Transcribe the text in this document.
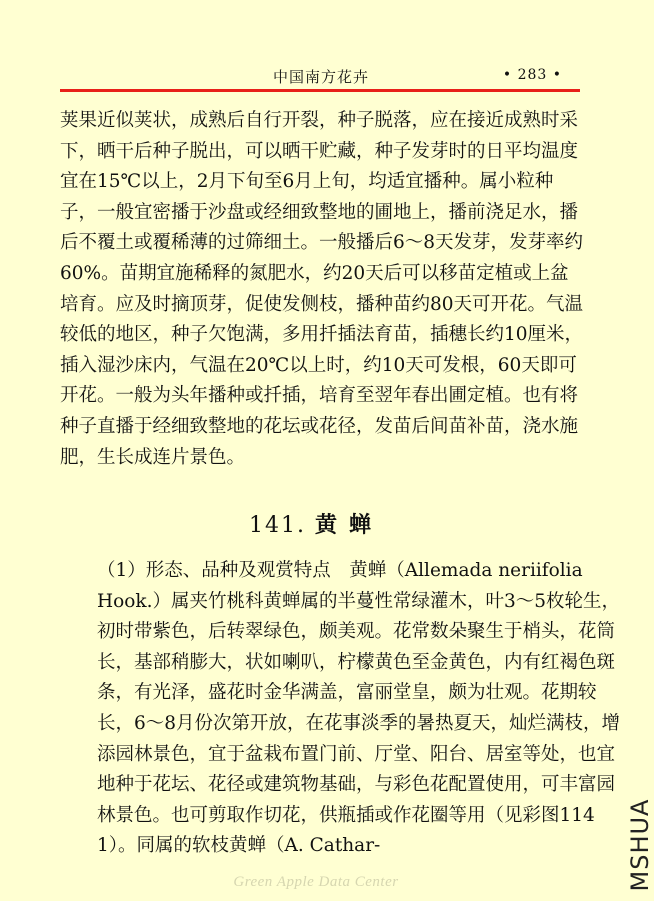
中国南方花卉	• 283 •

荚果近似荚状，成熟后自行开裂，种子脱落，应在接近成熟时采下，晒干后种子脱出，可以晒干贮藏，种子发芽时的日平均温度宜在15℃以上，2月下旬至6月上旬，均适宜播种。属小粒种子，一般宜密播于沙盘或经细致整地的圃地上，播前浇足水，播后不覆土或覆稀薄的过筛细土。一般播后6～8天发芽，发芽率约60%。苗期宜施稀释的氮肥水，约20天后可以移苗定植或上盆培育。应及时摘顶芽，促使发侧枝，播种苗约80天可开花。气温较低的地区，种子欠饱满，多用扦插法育苗，插穗长约10厘米，插入湿沙床内，气温在20℃以上时，约10天可发根，60天即可开花。一般为头年播种或扦插，培育至翌年春出圃定植。也有将种子直播于经细致整地的花坛或花径，发苗后间苗补苗，浇水施肥，生长成连片景色。

141. 黄蝉

（1）形态、品种及观赏特点　黄蝉（Allemada neriifolia Hook.）属夹竹桃科黄蝉属的半蔓性常绿灌木，叶3～5枚轮生，初时带紫色，后转翠绿色，颇美观。花常数朵聚生于梢头，花筒长，基部稍膨大，状如喇叭，柠檬黄色至金黄色，内有红褐色斑条，有光泽，盛花时金华满盖，富丽堂皇，颇为壮观。花期较长，6～8月份次第开放，在花事淡季的暑热夏天，灿烂满枝，增添园林景色，宜于盆栽布置门前、厅堂、阳台、居室等处，也宜地种于花坛、花径或建筑物基础，与彩色花配置使用，可丰富园林景色。也可剪取作切花，供瓶插或作花圈等用（见彩图114　1）。同属的软枝黄蝉（A. Cathar-

Green Apple Data Center	MSHUA
